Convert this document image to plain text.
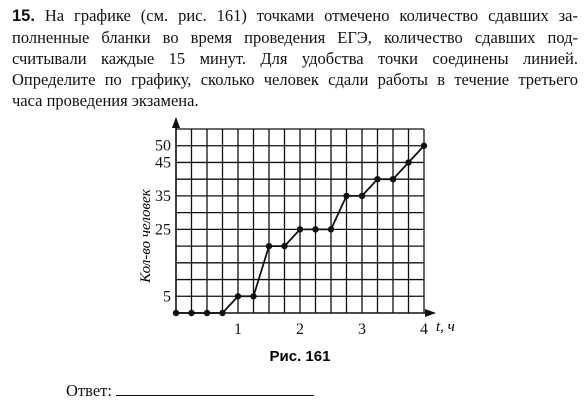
15. На графике (см. рис. 161) точками отмечено количество сдавших за-
полненные бланки во время проведения ЕГЭ, количество сдавших под-
считывали каждые 15 минут. Для удобства точки соединены линией.
Определите по графику, сколько человек сдали работы в течение третьего
часа проведения экзамена.

1	2	3	4
5
25
35
45
50
Кол-во человек
t, ч
Рис. 161
Ответ:
